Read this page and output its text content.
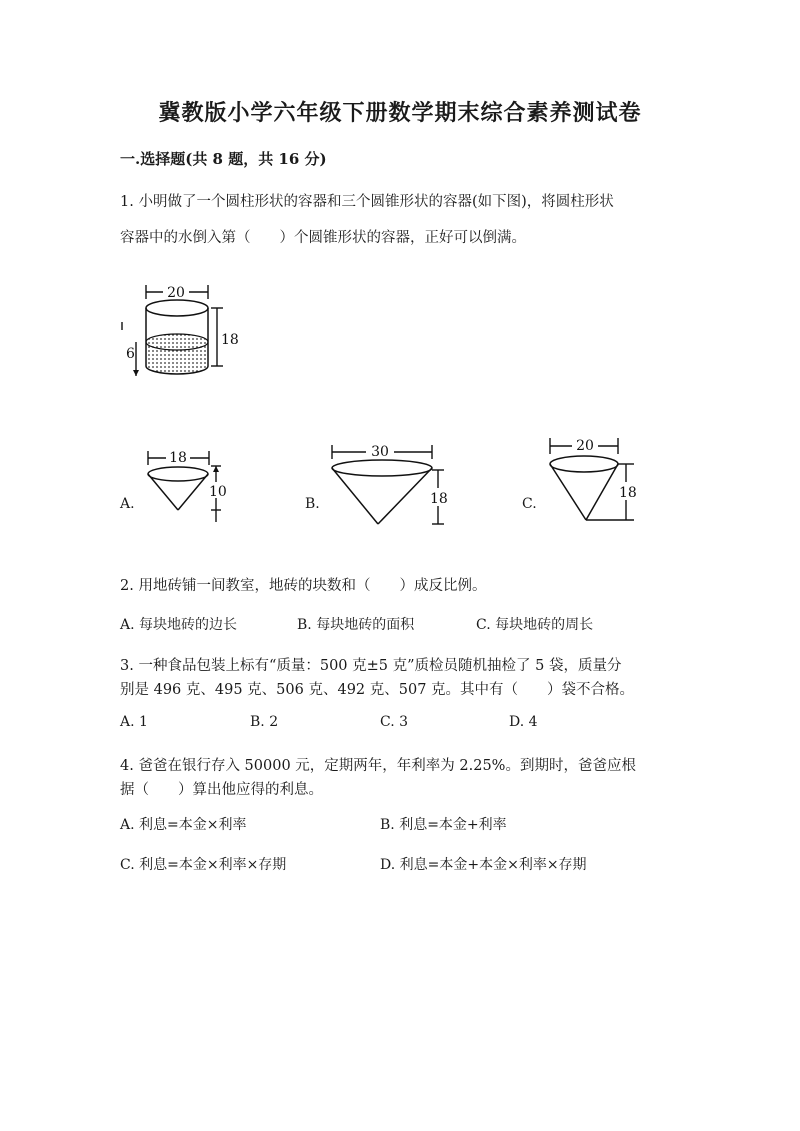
冀教版小学六年级下册数学期末综合素养测试卷
一.选择题(共 8 题，共 16 分)
1. 小明做了一个圆柱形状的容器和三个圆锥形状的容器(如下图)，将圆柱形状
容器中的水倒入第（　　）个圆锥形状的容器，正好可以倒满。
20
18
6
18
10
A.
30
18
B.
20
18
C.
2. 用地砖铺一间教室，地砖的块数和（　　）成反比例。
A. 每块地砖的边长	B. 每块地砖的面积	C. 每块地砖的周长
3. 一种食品包装上标有“质量：500 克±5 克”质检员随机抽检了 5 袋，质量分
别是 496 克、495 克、506 克、492 克、507 克。其中有（　　）袋不合格。
A. 1	B. 2	C. 3	D. 4
4. 爸爸在银行存入 50000 元，定期两年，年利率为 2.25%。到期时，爸爸应根
据（　　）算出他应得的利息。
A. 利息=本金×利率	B. 利息=本金+利率
C. 利息=本金×利率×存期	D. 利息=本金+本金×利率×存期
